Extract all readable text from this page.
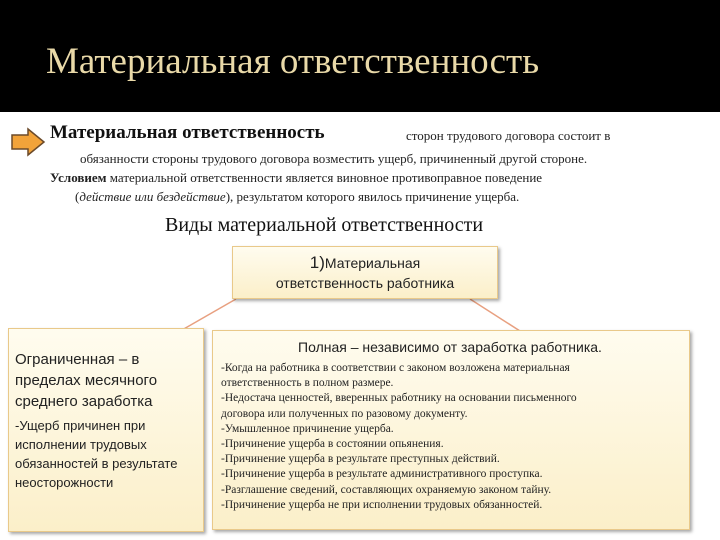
Материальная ответственность
Материальная ответственность	сторон трудового договора состоит в
обязанности стороны трудового договора возместить ущерб, причиненный другой стороне.
Условием материальной ответственности является виновное противоправное поведение
(действие или бездействие), результатом которого явилось причинение ущерба.
Виды материальной ответственности
1)Материальная
ответственность работника
Ограниченная – в пределах месячного среднего заработка
-Ущерб причинен при исполнении трудовых обязанностей в результате неосторожности
Полная – независимо от заработка работника.
-Когда на работника в соответствии с законом возложена материальная
ответственность в полном размере.
-Недостача ценностей, вверенных работнику на основании письменного
договора или полученных по разовому документу.
-Умышленное причинение ущерба.
-Причинение ущерба в состоянии опьянения.
-Причинение ущерба в результате преступных действий.
-Причинение ущерба в результате административного проступка.
-Разглашение сведений, составляющих охраняемую законом тайну.
-Причинение ущерба не при исполнении трудовых обязанностей.
